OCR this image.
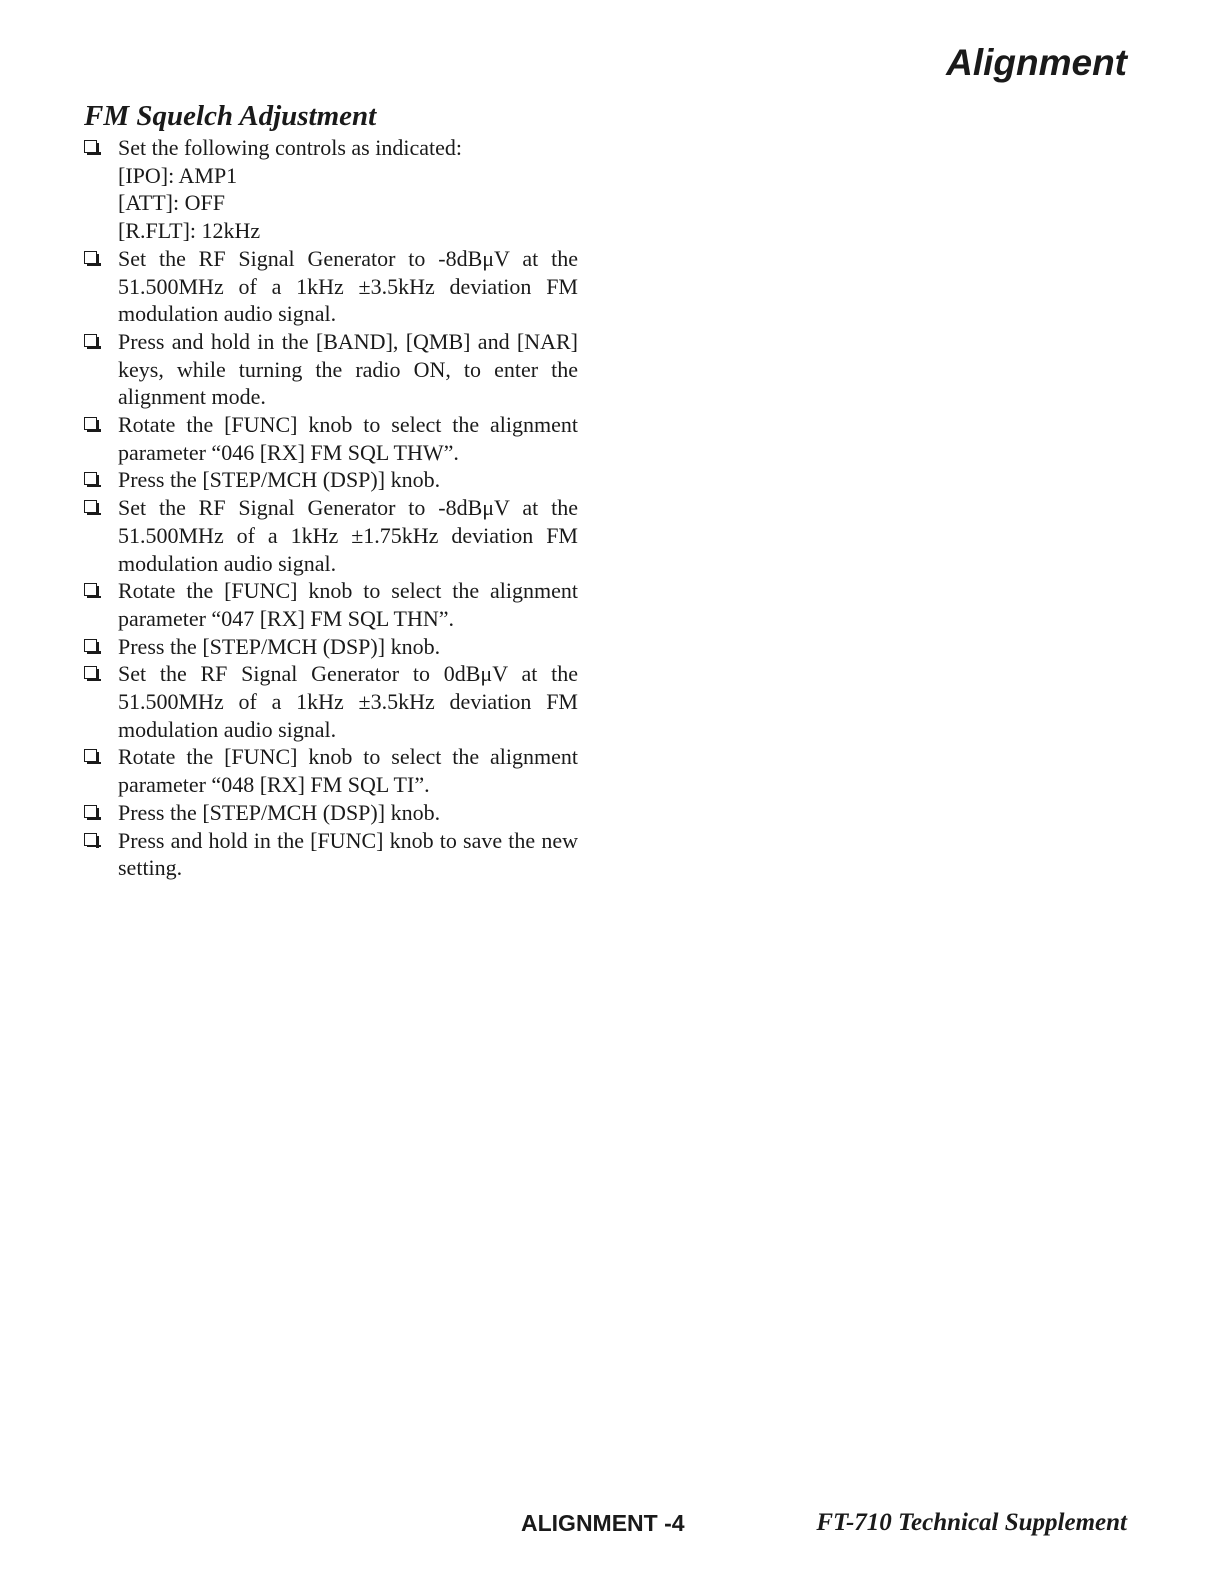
Alignment
FM Squelch Adjustment
Set the following controls as indicated:
[IPO]: AMP1
[ATT]: OFF
[R.FLT]: 12kHz
Set the RF Signal Generator to -8dBμV at the 51.500MHz of a 1kHz ±3.5kHz deviation FM modulation audio signal.
Press and hold in the [BAND], [QMB] and [NAR] keys, while turning the radio ON, to enter the alignment mode.
Rotate the [FUNC] knob to select the alignment parameter “046 [RX] FM SQL THW”.
Press the [STEP/MCH (DSP)] knob.
Set the RF Signal Generator to -8dBμV at the 51.500MHz of a 1kHz ±1.75kHz deviation FM modulation audio signal.
Rotate the [FUNC] knob to select the alignment parameter “047 [RX] FM SQL THN”.
Press the [STEP/MCH (DSP)] knob.
Set the RF Signal Generator to 0dBμV at the 51.500MHz of a 1kHz ±3.5kHz deviation FM modulation audio signal.
Rotate the [FUNC] knob to select the alignment parameter “048 [RX] FM SQL TI”.
Press the [STEP/MCH (DSP)] knob.
Press and hold in the [FUNC] knob to save the new setting.

ALIGNMENT -4	FT-710 Technical Supplement
